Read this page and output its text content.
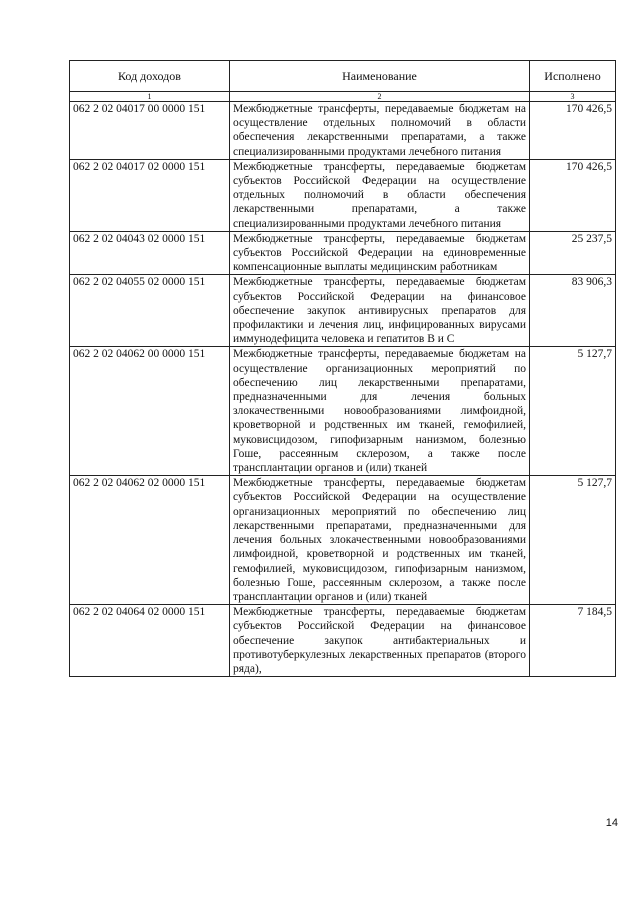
Код доходов	Наименование	Исполнено
1	2	3
062 2 02 04017 00 0000 151	Межбюджетные трансферты, передаваемые бюджетам на осуществление отдельных полномочий в области обеспечения лекарственными препаратами, а также специализированными продуктами лечебного питания	170 426,5
062 2 02 04017 02 0000 151	Межбюджетные трансферты, передаваемые бюджетам субъектов Российской Федерации на осуществление отдельных полномочий в области обеспечения лекарственными препаратами, а также специализированными продуктами лечебного питания	170 426,5
062 2 02 04043 02 0000 151	Межбюджетные трансферты, передаваемые бюджетам субъектов Российской Федерации на единовременные компенсационные выплаты медицинским работникам	25 237,5
062 2 02 04055 02 0000 151	Межбюджетные трансферты, передаваемые бюджетам субъектов Российской Федерации на финансовое обеспечение закупок антивирусных препаратов для профилактики и лечения лиц, инфицированных вирусами иммунодефицита человека и гепатитов B и C	83 906,3
062 2 02 04062 00 0000 151	Межбюджетные трансферты, передаваемые бюджетам на осуществление организационных мероприятий по обеспечению лиц лекарственными препаратами, предназначенными для лечения больных злокачественными новообразованиями лимфоидной, кроветворной и родственных им тканей, гемофилией, муковисцидозом, гипофизарным нанизмом, болезнью Гоше, рассеянным склерозом, а также после трансплантации органов и (или) тканей	5 127,7
062 2 02 04062 02 0000 151	Межбюджетные трансферты, передаваемые бюджетам субъектов Российской Федерации на осуществление организационных мероприятий по обеспечению лиц лекарственными препаратами, предназначенными для лечения больных злокачественными новообразованиями лимфоидной, кроветворной и родственных им тканей, гемофилией, муковисцидозом, гипофизарным нанизмом, болезнью Гоше, рассеянным склерозом, а также после трансплантации органов и (или) тканей	5 127,7
062 2 02 04064 02 0000 151	Межбюджетные трансферты, передаваемые бюджетам субъектов Российской Федерации на финансовое обеспечение закупок антибактериальных и противотуберкулезных лекарственных препаратов (второго ряда),	7 184,5
14
